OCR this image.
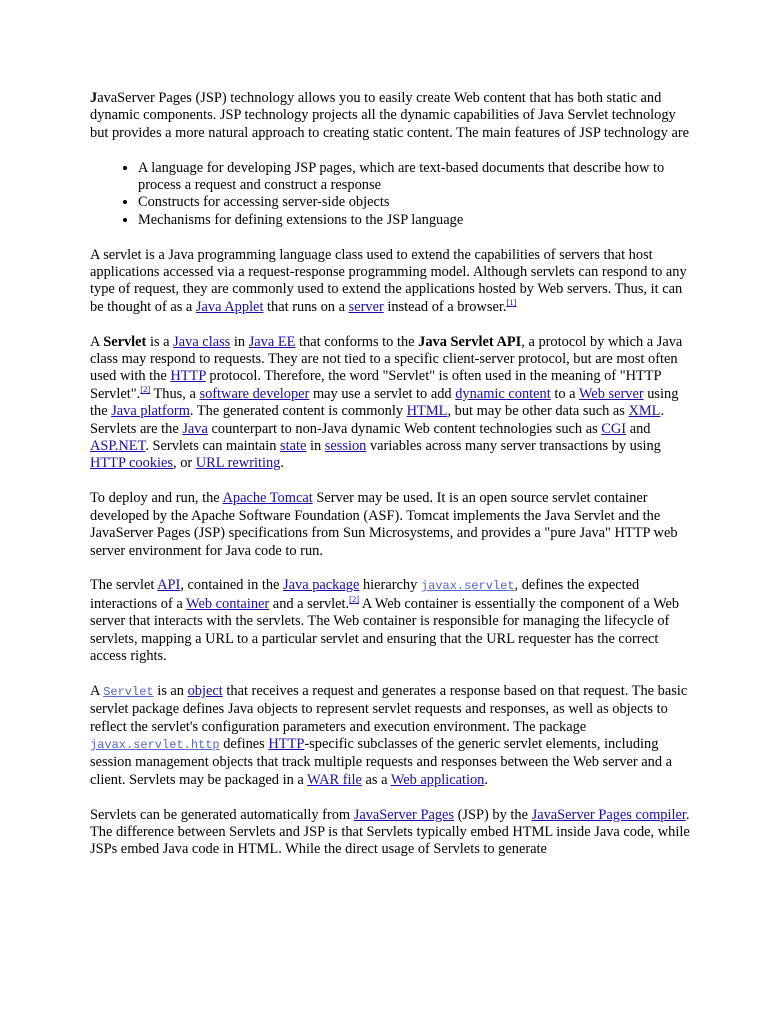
JavaServer Pages (JSP) technology allows you to easily create Web content that has both static and dynamic components. JSP technology projects all the dynamic capabilities of Java Servlet technology but provides a more natural approach to creating static content. The main features of JSP technology are

• A language for developing JSP pages, which are text-based documents that describe how to process a request and construct a response
• Constructs for accessing server-side objects
• Mechanisms for defining extensions to the JSP language

A servlet is a Java programming language class used to extend the capabilities of servers that host applications accessed via a request-response programming model. Although servlets can respond to any type of request, they are commonly used to extend the applications hosted by Web servers. Thus, it can be thought of as a Java Applet that runs on a server instead of a browser.[1]

A Servlet is a Java class in Java EE that conforms to the Java Servlet API, a protocol by which a Java class may respond to requests. They are not tied to a specific client-server protocol, but are most often used with the HTTP protocol. Therefore, the word "Servlet" is often used in the meaning of "HTTP Servlet".[2] Thus, a software developer may use a servlet to add dynamic content to a Web server using the Java platform. The generated content is commonly HTML, but may be other data such as XML. Servlets are the Java counterpart to non-Java dynamic Web content technologies such as CGI and ASP.NET. Servlets can maintain state in session variables across many server transactions by using HTTP cookies, or URL rewriting.

To deploy and run, the Apache Tomcat Server may be used. It is an open source servlet container developed by the Apache Software Foundation (ASF). Tomcat implements the Java Servlet and the JavaServer Pages (JSP) specifications from Sun Microsystems, and provides a "pure Java" HTTP web server environment for Java code to run.

The servlet API, contained in the Java package hierarchy javax.servlet, defines the expected interactions of a Web container and a servlet.[2] A Web container is essentially the component of a Web server that interacts with the servlets. The Web container is responsible for managing the lifecycle of servlets, mapping a URL to a particular servlet and ensuring that the URL requester has the correct access rights.

A Servlet is an object that receives a request and generates a response based on that request. The basic servlet package defines Java objects to represent servlet requests and responses, as well as objects to reflect the servlet's configuration parameters and execution environment. The package javax.servlet.http defines HTTP-specific subclasses of the generic servlet elements, including session management objects that track multiple requests and responses between the Web server and a client. Servlets may be packaged in a WAR file as a Web application.

Servlets can be generated automatically from JavaServer Pages (JSP) by the JavaServer Pages compiler. The difference between Servlets and JSP is that Servlets typically embed HTML inside Java code, while JSPs embed Java code in HTML. While the direct usage of Servlets to generate
